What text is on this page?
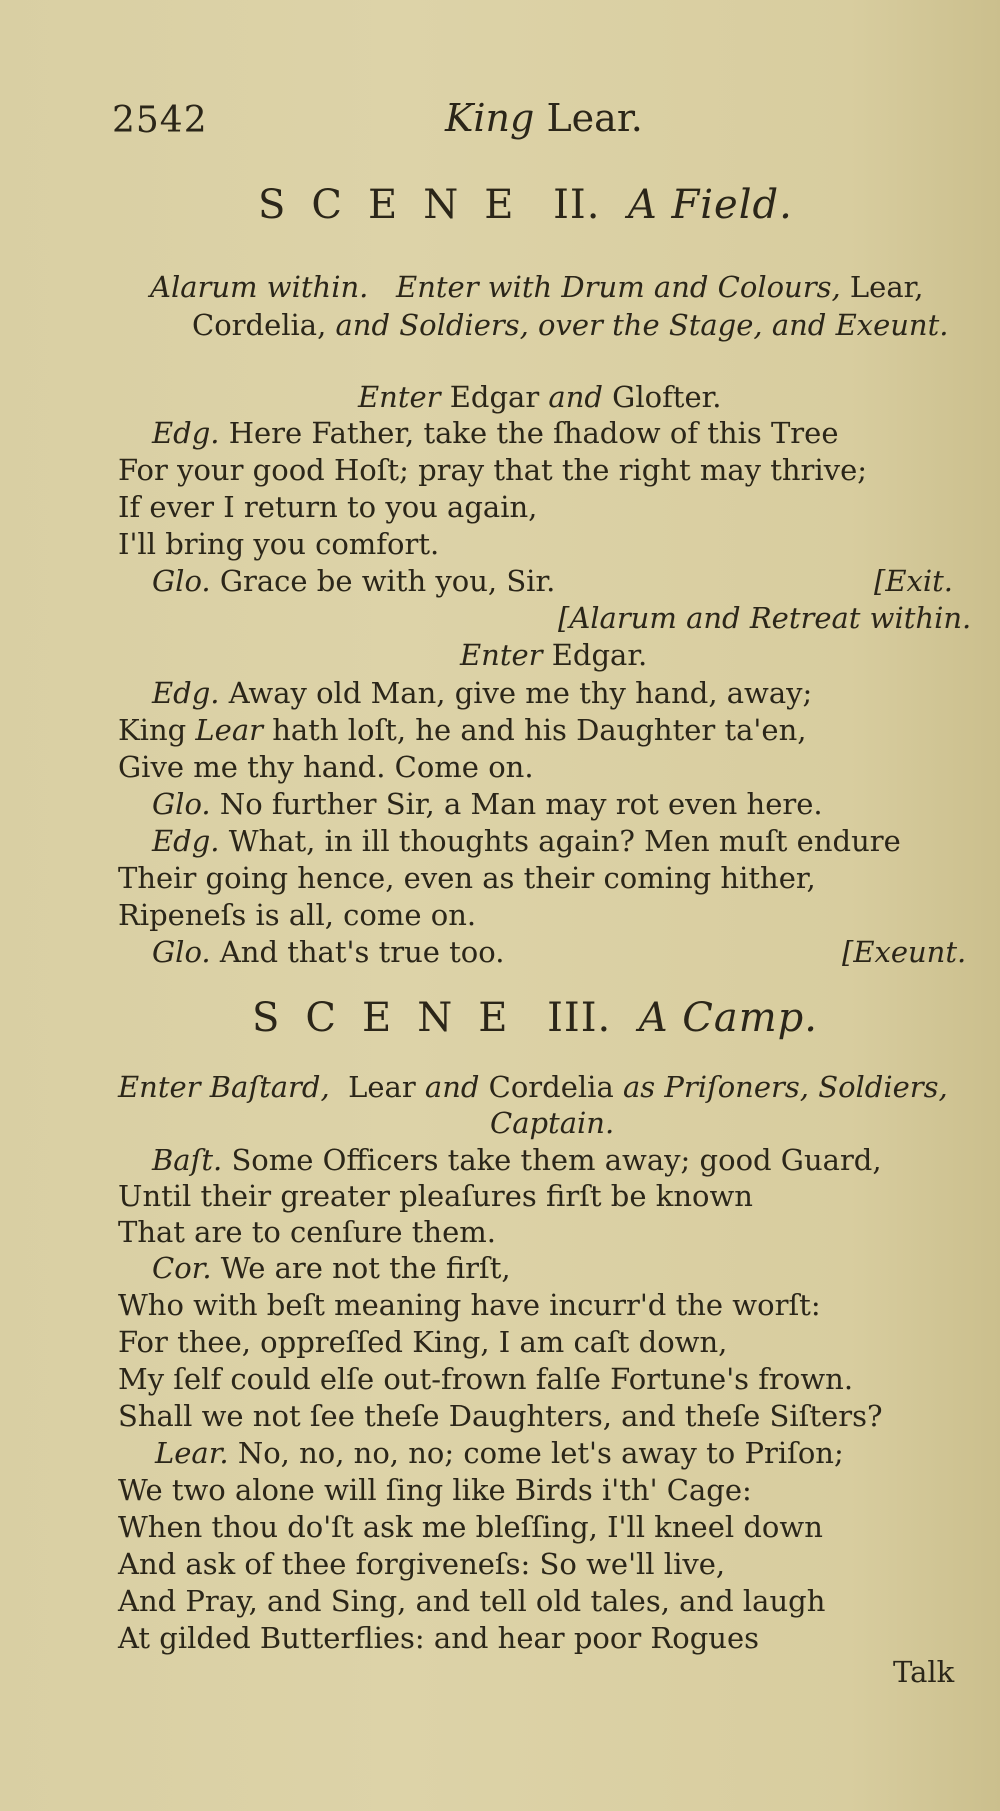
2542	King Lear.
SCENE II. A Field.
Alarum within. Enter with Drum and Colours, Lear,
Cordelia, and Soldiers, over the Stage, and Exeunt.
Enter Edgar and Glofter.
Edg. Here Father, take the ſhadow of this Tree
For your good Hoſt; pray that the right may thrive;
If ever I return to you again,
I'll bring you comfort.
Glo. Grace be with you, Sir.	[Exit.
[Alarum and Retreat within.
Enter Edgar.
Edg. Away old Man, give me thy hand, away;
King Lear hath loſt, he and his Daughter ta'en,
Give me thy hand. Come on.
Glo. No further Sir, a Man may rot even here.
Edg. What, in ill thoughts again? Men muſt endure
Their going hence, even as their coming hither,
Ripeneſs is all, come on.
Glo. And that's true too.	[Exeunt.
SCENE III. A Camp.
Enter Baſtard, Lear and Cordelia as Priſoners, Soldiers,
Captain.
Baſt. Some Officers take them away; good Guard,
Until their greater pleaſures firſt be known
That are to cenſure them.
Cor. We are not the firſt,
Who with beſt meaning have incurr'd the worſt:
For thee, oppreſſed King, I am caſt down,
My ſelf could elſe out-frown falſe Fortune's frown.
Shall we not ſee theſe Daughters, and theſe Siſters?
Lear. No, no, no, no; come let's away to Priſon;
We two alone will ſing like Birds i'th' Cage:
When thou do'ſt ask me bleſſing, I'll kneel down
And ask of thee forgiveneſs: So we'll live,
And Pray, and Sing, and tell old tales, and laugh
At gilded Butterflies: and hear poor Rogues
Talk
